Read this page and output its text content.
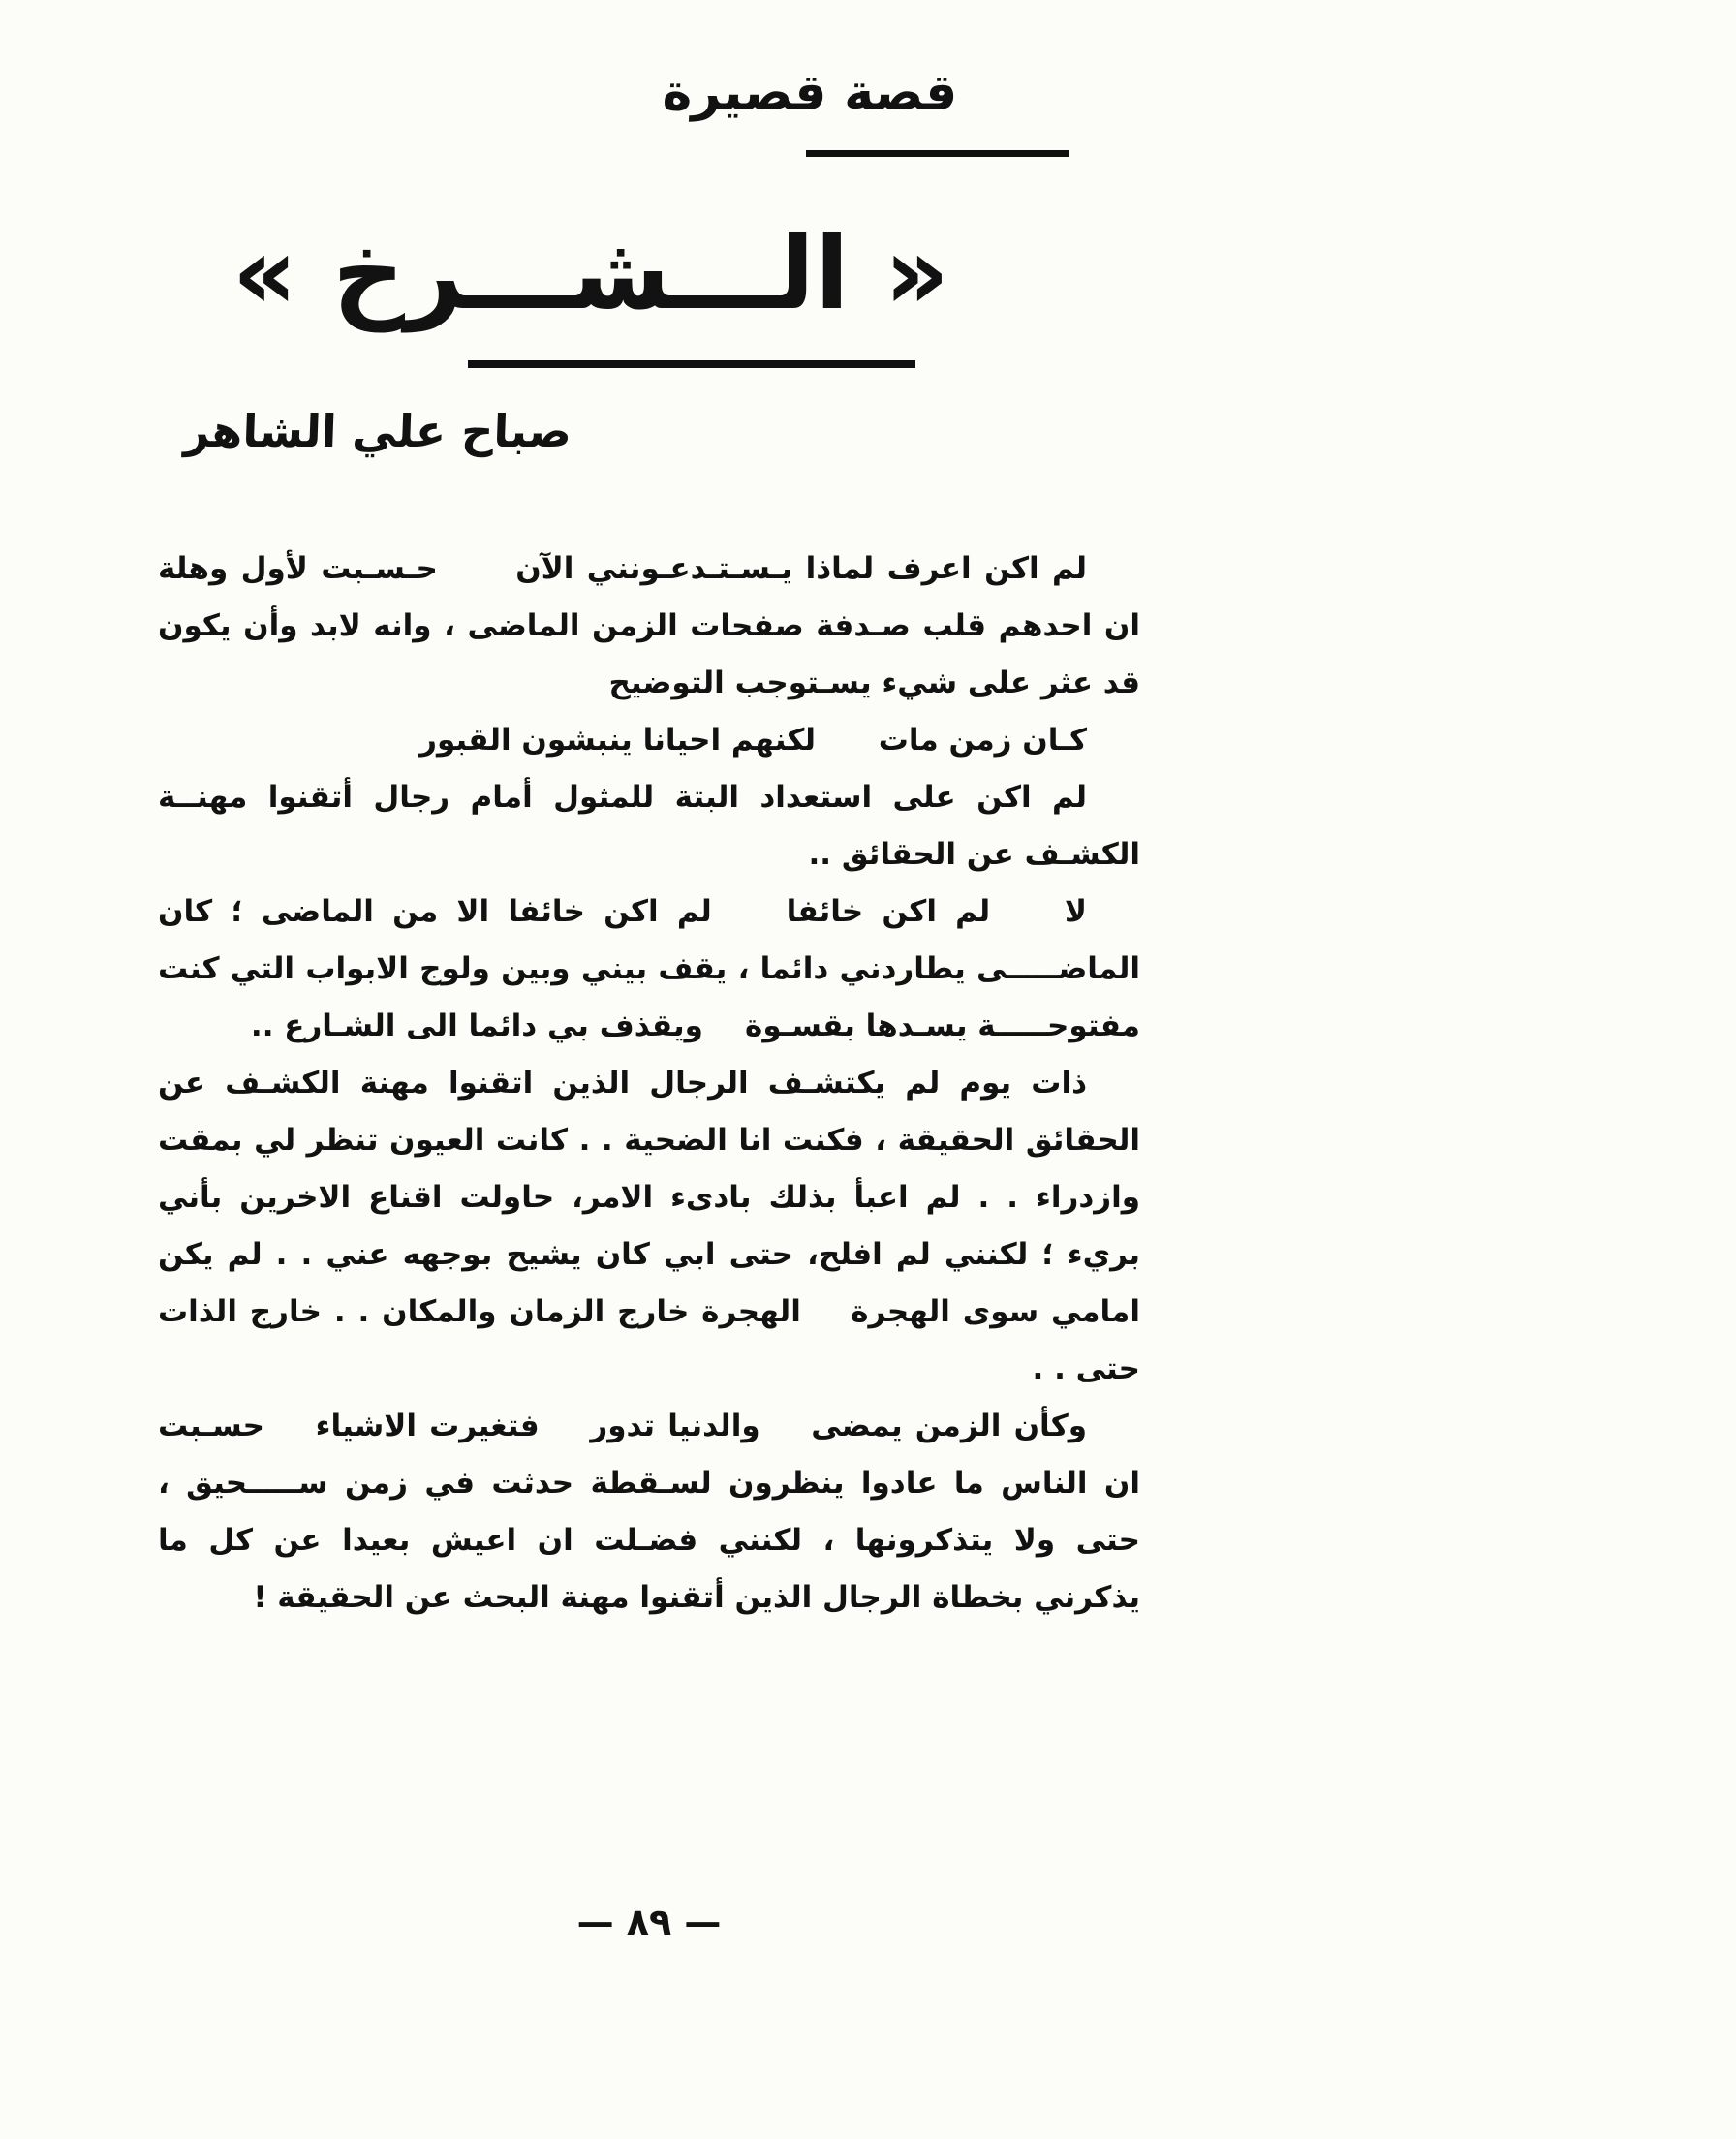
قصة قصيرة
« الـــشـــرخ »
صباح علي الشاهر

لم اكن اعرف لماذا يـسـتـدعـونني الآن      حـسـبت لأول وهلة ان احدهم قلب صـدفة صفحات الزمن الماضى ، وانه لابد وأن يكون قد عثر على شيء يسـتوجب التوضيح

كـان زمن مات      لكنهم احيانا ينبشون القبور

لم اكن على استعداد البتة للمثول أمام رجال أتقنوا مهنــة الكشـف عن الحقائق ..

لا    لم اكن خائفا    لم اكن خائفا الا من الماضى ؛ كان الماضـــــى يطاردني دائما ، يقف بيني وبين ولوج الابواب التي كنت مفتوحـــــة يسـدها بقسـوة    ويقذف بي دائما الى الشـارع ..

ذات يوم لم يكتشـف الرجال الذين اتقنوا مهنة الكشـف عن الحقائق الحقيقة ، فكنت انا الضحية . . كانت العيون تنظر لي بمقت وازدراء . . لم اعبأ بذلك بادىء الامر، حاولت اقناع الاخرين بأني بريء ؛ لكنني لم افلح، حتى ابي كان يشيح بوجهه عني . . لم يكن امامي سوى الهجرة    الهجرة خارج الزمان والمكان . . خارج الذات حتى . .

وكأن الزمن يمضى    والدنيا تدور    فتغيرت الاشياء    حسـبت ان الناس ما عادوا ينظرون لسـقطة حدثت في زمن ســـــحيق ، حتى ولا يتذكرونها ، لكنني فضـلت ان اعيش بعيدا عن كل ما يذكرني بخطاة الرجال الذين أتقنوا مهنة البحث عن الحقيقة !

— ٨٩ —
